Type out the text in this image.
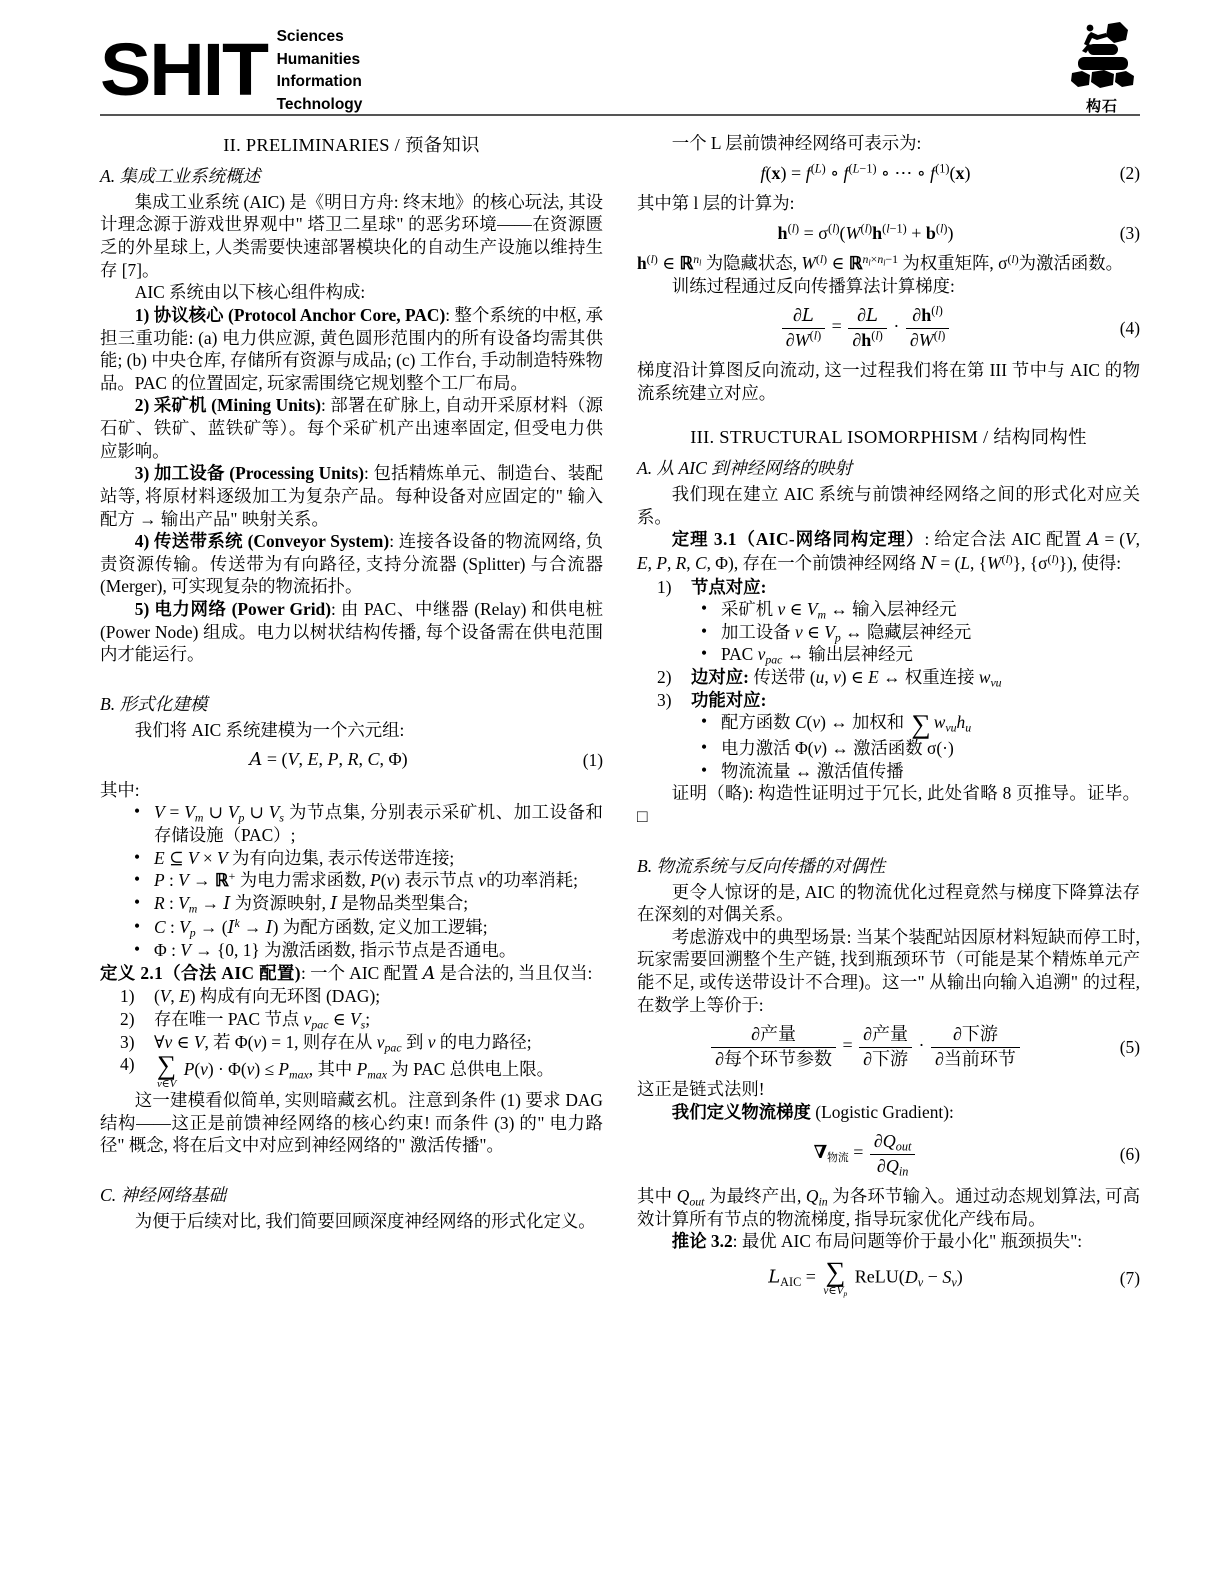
SHIT Sciences
Humanities
Information
Technology	构石
II. PRELIMINARIES / 预备知识
A. 集成工业系统概述

集成工业系统 (AIC) 是《明日方舟: 终末地》的核心玩法, 其设计理念源于游戏世界观中" 塔卫二星球" 的恶劣环境——在资源匮乏的外星球上, 人类需要快速部署模块化的自动生产设施以维持生存 [7]。

AIC 系统由以下核心组件构成:

1) 协议核心 (Protocol Anchor Core, PAC): 整个系统的中枢, 承担三重功能: (a) 电力供应源, 黄色圆形范围内的所有设备均需其供能; (b) 中央仓库, 存储所有资源与成品; (c) 工作台, 手动制造特殊物品。PAC 的位置固定, 玩家需围绕它规划整个工厂布局。

2) 采矿机 (Mining Units): 部署在矿脉上, 自动开采原材料（源石矿、铁矿、蓝铁矿等）。每个采矿机产出速率固定, 但受电力供应影响。

3) 加工设备 (Processing Units): 包括精炼单元、制造台、装配站等, 将原材料逐级加工为复杂产品。每种设备对应固定的" 输入配方 → 输出产品" 映射关系。

4) 传送带系统 (Conveyor System): 连接各设备的物流网络, 负责资源传输。传送带为有向路径, 支持分流器 (Splitter) 与合流器 (Merger), 可实现复杂的物流拓扑。

5) 电力网络 (Power Grid): 由 PAC、中继器 (Relay) 和供电桩 (Power Node) 组成。电力以树状结构传播, 每个设备需在供电范围内才能运行。

B. 形式化建模

我们将 AIC 系统建模为一个六元组:

A = (V, E, P, R, C, Φ)	(1)

其中:

• $V = V_m$ ∪ $V_p$ ∪ $V_s$ 为节点集, 分别表示采矿机、加工设备和存储设施（PAC）;
• E ⊆ V × V 为有向边集, 表示传送带连接;
• P : V → ℝ+ 为电力需求函数, P(v) 表示节点 v的功率消耗;
• R : $V_m \to I$ 为资源映射, I 是物品类型集合;
• C : $V_p \to (I^k \to I)$ 为配方函数, 定义加工逻辑;
• Φ : V → {0, 1} 为激活函数, 指示节点是否通电。

定义 2.1（合法 AIC 配置): 一个 AIC 配置 A 是合法的, 当且仅当:

1) (V, E) 构成有向无环图 (DAG);
2) 存在唯一 PAC 节点 $v_{pac}$ ∈ $V_s$;
3) ∀v ∈ V, 若 Φ(v) = 1, 则存在从 $v_{pac}$ 到 v 的电力路径;
4) ∑
v∈V
$P(v) \cdot \Phi(v) \le P_{max}$, 其中 $P_{max}$ 为 PAC 总供电上限。

这一建模看似简单, 实则暗藏玄机。注意到条件 (1) 要求 DAG 结构——这正是前馈神经网络的核心约束! 而条件 (3) 的" 电力路径" 概念, 将在后文中对应到神经网络的" 激活传播"。

C. 神经网络基础

为便于后续对比, 我们简要回顾深度神经网络的形式化定义。

一个 L 层前馈神经网络可表示为:

$f(x) = f^{(L)}$ ∘ $f^{(L-1)}$ ∘ ⋯ ∘ $f^{(1)}(x)$	(2)

其中第 l 层的计算为:

$h^{(l)} = \sigma^{(l)}(W^{(l)}h^{(l-1)} + b^{(l)})$	(3)

$h^{(l)}$ ∈ ℝ$^{n_l}$ 为隐藏状态, $W^{(l)}$ ∈ ℝ$^{n_l\times n_l-1}$ 为权重矩阵, $\sigma^{(l)}$为激活函数。

训练过程通过反向传播算法计算梯度:

$\frac{\partial L}{\partial W^{(l)}} = \frac{\partial L}{\partial h^{(l)}} \cdot \frac{\partial h^{(l)}}{\partial W^{(l)}}$	(4)

梯度沿计算图反向流动, 这一过程我们将在第 III 节中与 AIC 的物流系统建立对应。

III. STRUCTURAL ISOMORPHISM / 结构同构性
A. 从 AIC 到神经网络的映射

我们现在建立 AIC 系统与前馈神经网络之间的形式化对应关系。

定理 3.1（AIC-网络同构定理）: 给定合法 AIC 配置 A = (V, E, P, R, C, Φ), 存在一个前馈神经网络 N = (L, $\{W^{(l)}\}$, $\{\sigma^{(l)}\}$), 使得:

1) 节点对应:
• 采矿机 v ∈ $V_m$ ↔ 输入层神经元
• 加工设备 v ∈ $V_p$ ↔ 隐藏层神经元
• PAC $v_{pac}$ ↔ 输出层神经元
2) 边对应: 传送带 (u, v) ∈ E ↔ 权重连接 $w_{vu}$
3) 功能对应:
• 配方函数 C(v) ↔ 加权和 ∑ $w_{vu}h_u$
• 电力激活 Φ(v) ↔ 激活函数 σ(·)
• 物流流量 ↔ 激活值传播

证明（略): 构造性证明过于冗长, 此处省略 8 页推导。证毕。□

B. 物流系统与反向传播的对偶性

更令人惊讶的是, AIC 的物流优化过程竟然与梯度下降算法存在深刻的对偶关系。

考虑游戏中的典型场景: 当某个装配站因原材料短缺而停工时, 玩家需要回溯整个生产链, 找到瓶颈环节（可能是某个精炼单元产能不足, 或传送带设计不合理)。这一" 从输出向输入追溯" 的过程, 在数学上等价于:

$\frac{\text{∂产量}}{\text{∂每个环节参数}} = \frac{\text{∂产量}}{\text{∂下游}} \cdot \frac{\text{∂下游}}{\text{∂当前环节}}$	(5)

这正是链式法则!

我们定义物流梯度 (Logistic Gradient):

$\nabla_{物流} = \frac{\partial Q_{out}}{\partial Q_{in}}$	(6)

其中 $Q_{out}$ 为最终产出, $Q_{in}$ 为各环节输入。通过动态规划算法, 可高效计算所有节点的物流梯度, 指导玩家优化产线布局。

推论 3.2: 最优 AIC 布局问题等价于最小化" 瓶颈损失":

$L_{AIC}$ = ∑
$v\in V_p$
$ReLU(D_v - S_v)$	(7)
